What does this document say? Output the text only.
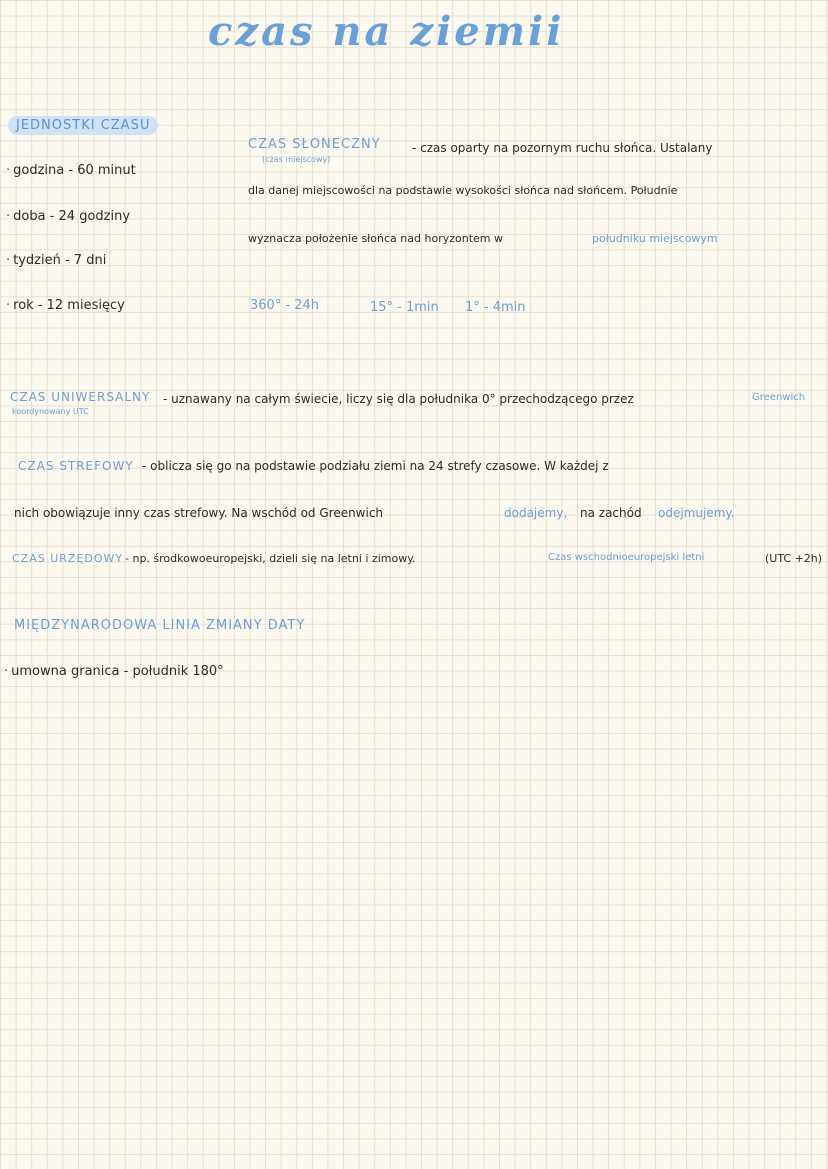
czas na ziemii
JEDNOSTKI CZASU
· godzina - 60 minut
· doba - 24 godziny
· tydzień - 7 dni
· rok - 12 miesięcy
CZAS SŁONECZNY
(czas miejscowy)
- czas oparty na pozornym ruchu słońca. Ustalany
dla danej miejscowości na podstawie wysokości słońca nad słońcem. Południe
wyznacza położenie słońca nad horyzontem w	południku miejscowym
360° - 24h	15° - 1min 1° - 4min
CZAS UNIWERSALNY
koordynowany UTC
- uznawany na całym świecie, liczy się dla południka 0° przechodzącego przez	Greenwich
CZAS STREFOWY - oblicza się go na podstawie podziału ziemi na 24 strefy czasowe. W każdej z
nich obowiązuje inny czas strefowy. Na wschód od Greenwich	dodajemy, na zachód odejmujemy.
CZAS URZĘDOWY - np. środkowoeuropejski, dzieli się na letni i zimowy.	Czas wschodnioeuropejski letni	(UTC +2h)
MIĘDZYNARODOWA LINIA ZMIANY DATY
· umowna granica - południk 180°
